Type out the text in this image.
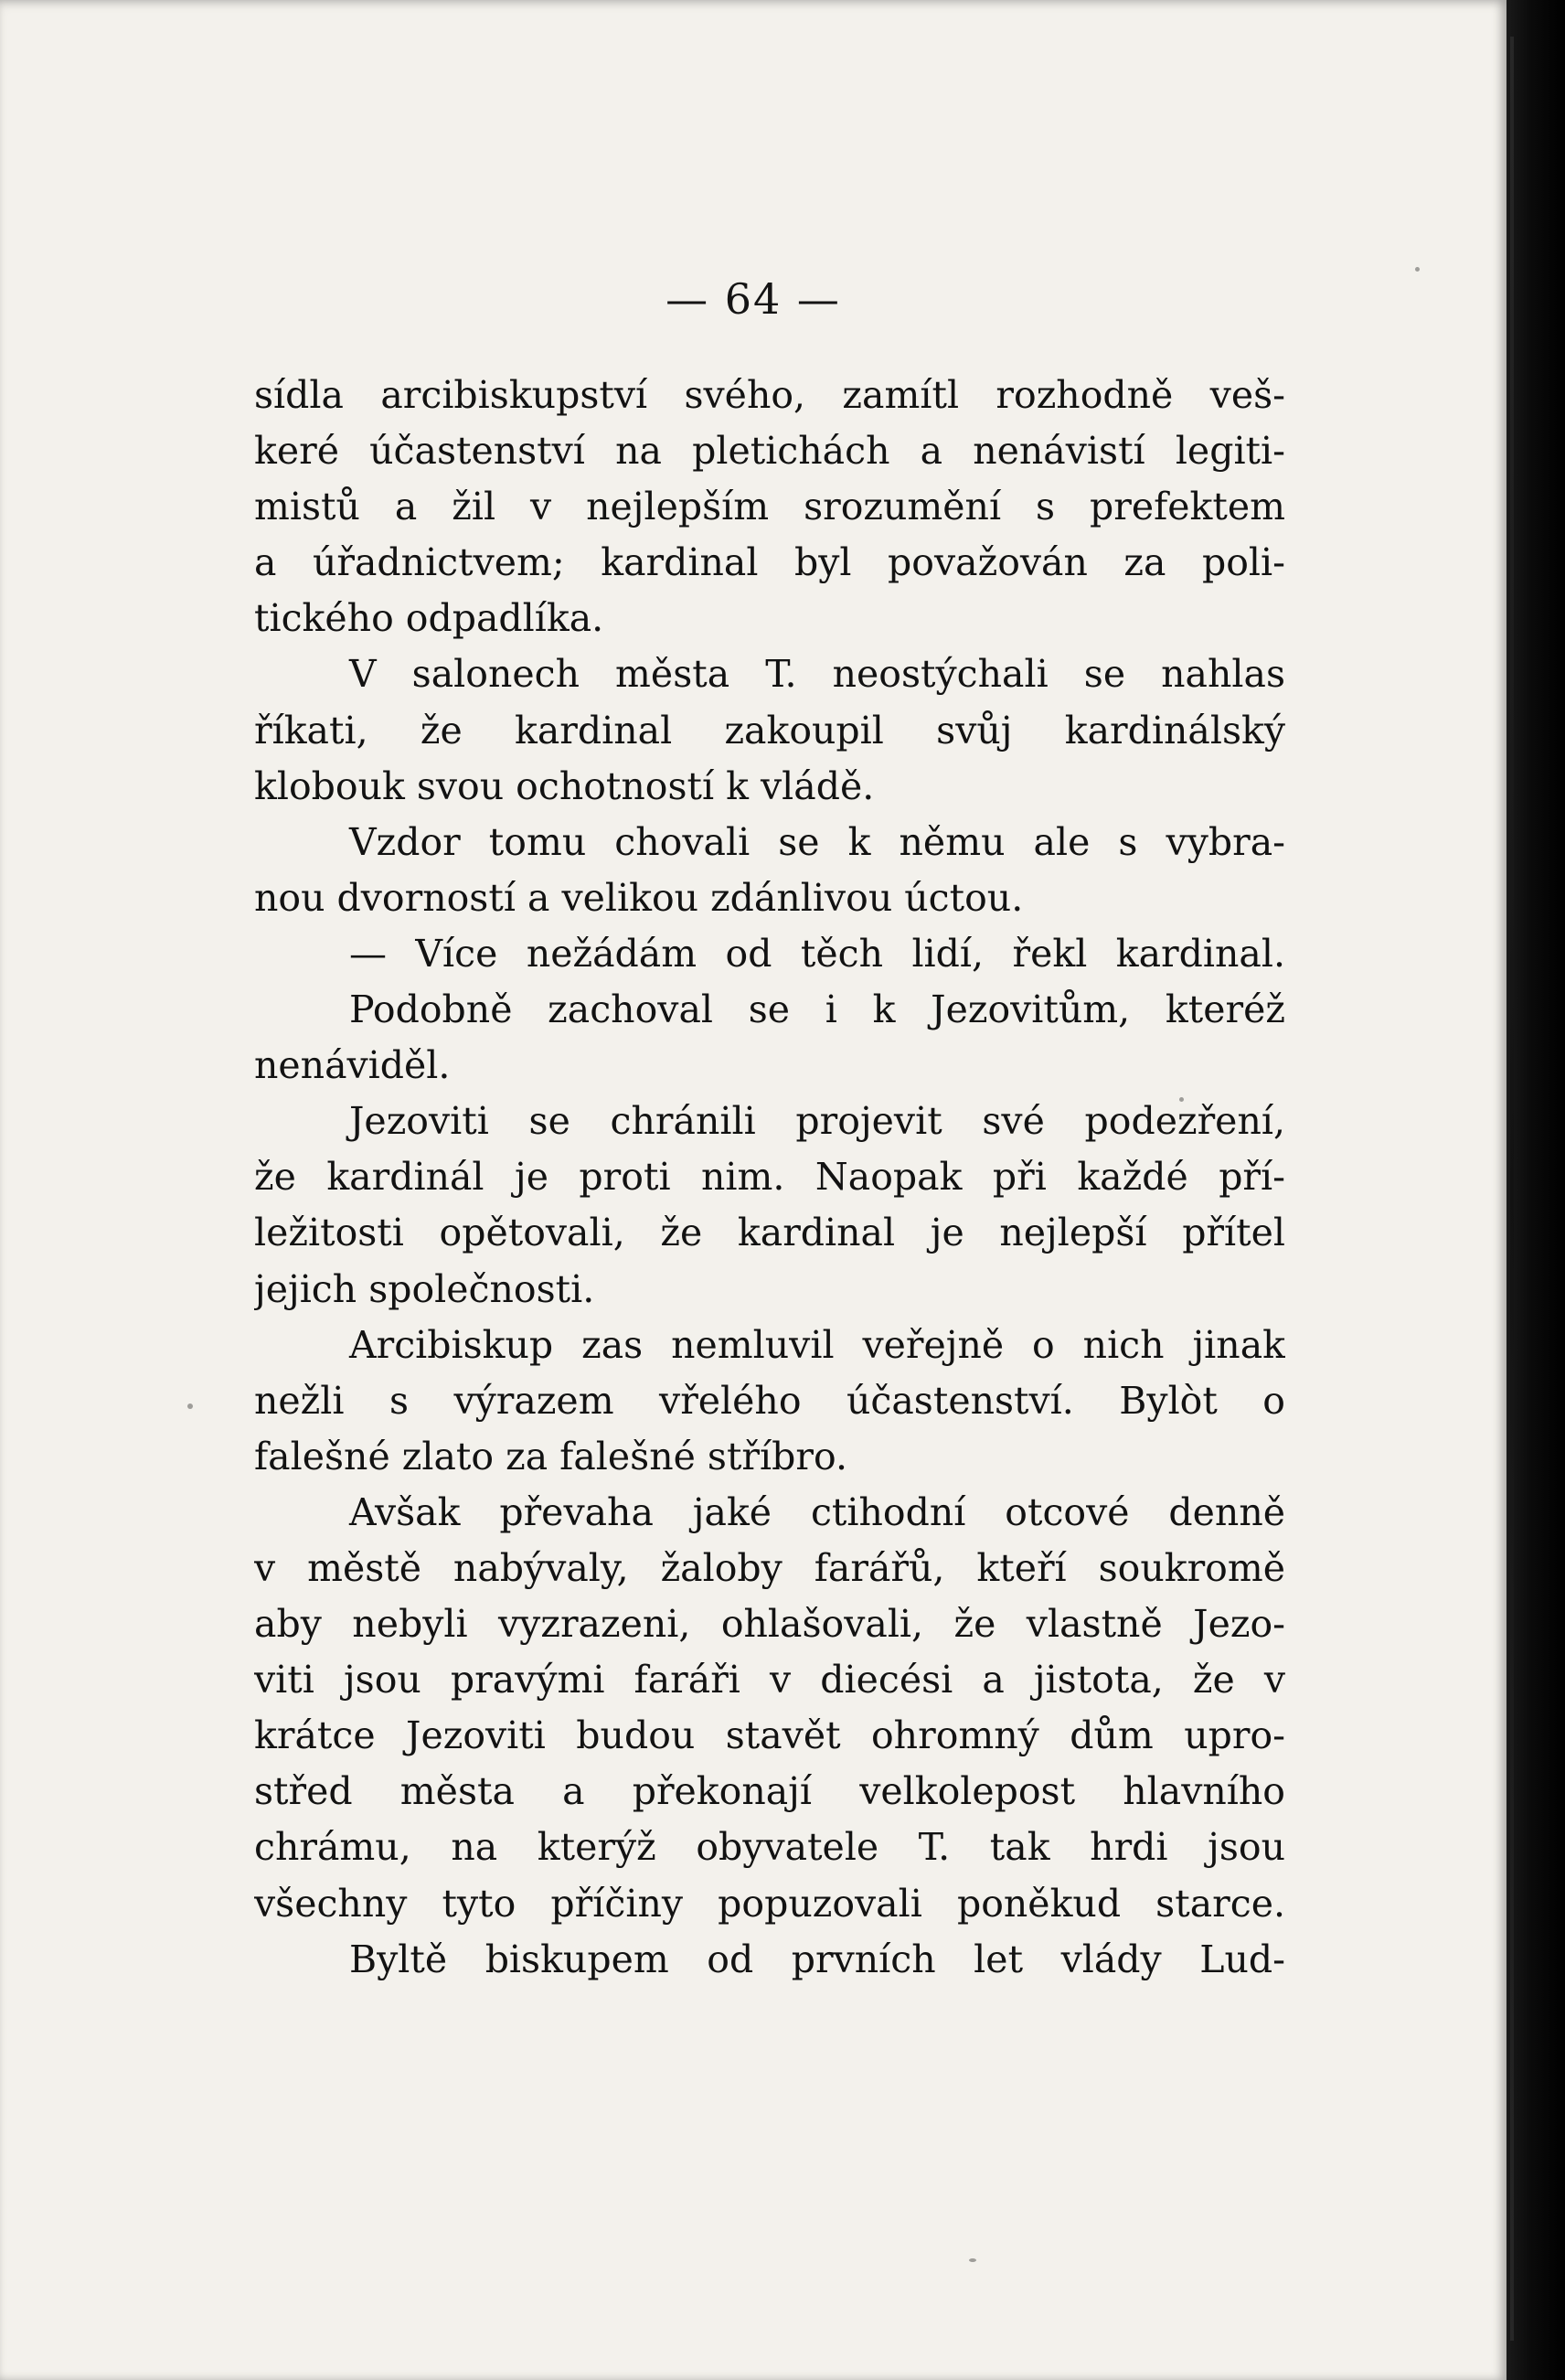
— 64 —
sídla arcibiskupství svého, zamítl rozhodně veš-
keré účastenství na pletichách a nenávistí legiti-
mistů a žil v nejlepším srozumění s prefektem
a úřadnictvem; kardinal byl považován za poli-
tického odpadlíka.
V salonech města T. neostýchali se nahlas
říkati, že kardinal zakoupil svůj kardinálský
klobouk svou ochotností k vládě.
Vzdor tomu chovali se k němu ale s vybra-
nou dvorností a velikou zdánlivou úctou.
— Více nežádám od těch lidí, řekl kardinal.
Podobně zachoval se i k Jezovitům, kteréž
nenáviděl.
Jezoviti se chránili projevit své podezření,
že kardinál je proti nim. Naopak při každé pří-
ležitosti opětovali, že kardinal je nejlepší přítel
jejich společnosti.
Arcibiskup zas nemluvil veřejně o nich jinak
nežli s výrazem vřelého účastenství. Bylòt o
falešné zlato za falešné stříbro.
Avšak převaha jaké ctihodní otcové denně
v městě nabývaly, žaloby farářů, kteří soukromě
aby nebyli vyzrazeni, ohlašovali, že vlastně Jezo-
viti jsou pravými faráři v diecési a jistota, že v
krátce Jezoviti budou stavět ohromný dům upro-
střed města a překonají velkolepost hlavního
chrámu, na kterýž obyvatele T. tak hrdi jsou
všechny tyto příčiny popuzovali poněkud starce.
Byltě biskupem od prvních let vlády Lud-
